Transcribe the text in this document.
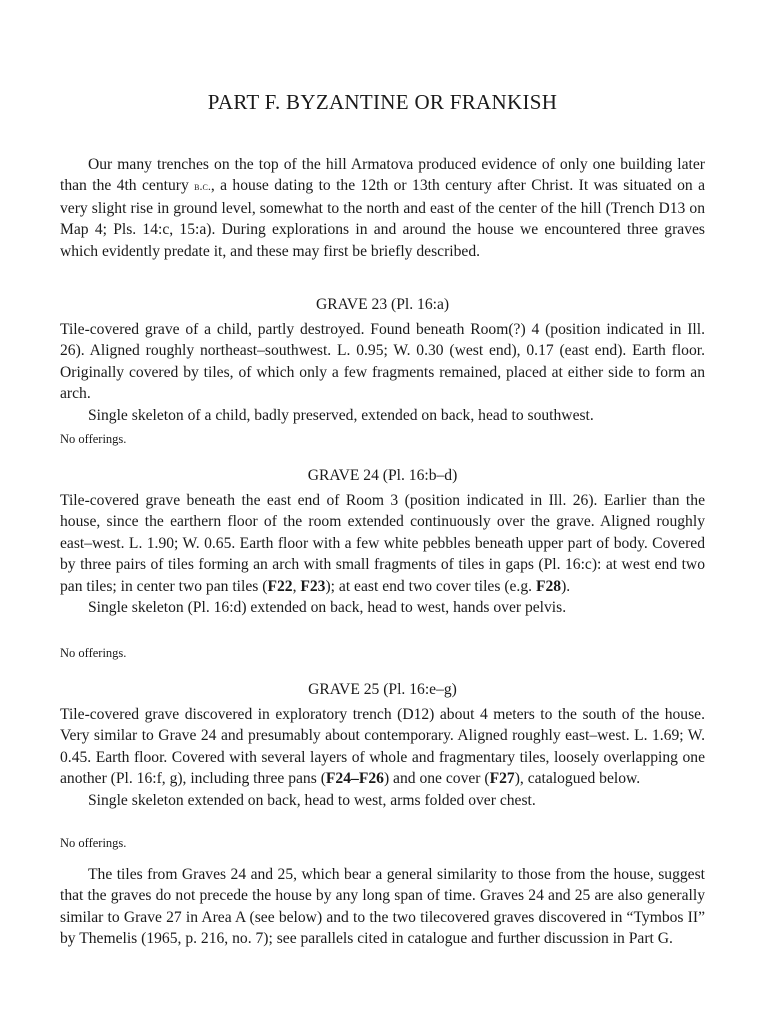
PART F. BYZANTINE OR FRANKISH

Our many trenches on the top of the hill Armatova produced evidence of only one building later than the 4th century b.c., a house dating to the 12th or 13th century after Christ. It was situated on a very slight rise in ground level, somewhat to the north and east of the center of the hill (Trench D13 on Map 4; Pls. 14:c, 15:a). During explorations in and around the house we encountered three graves which evidently predate it, and these may first be briefly described.

GRAVE 23 (Pl. 16:a)

Tile-covered grave of a child, partly destroyed. Found beneath Room(?) 4 (position indicated in Ill. 26). Aligned roughly northeast–southwest. L. 0.95; W. 0.30 (west end), 0.17 (east end). Earth floor. Originally covered by tiles, of which only a few fragments remained, placed at either side to form an arch.

Single skeleton of a child, badly preserved, extended on back, head to southwest.

No offerings.

GRAVE 24 (Pl. 16:b–d)

Tile-covered grave beneath the east end of Room 3 (position indicated in Ill. 26). Earlier than the house, since the earthern floor of the room extended continuously over the grave. Aligned roughly east–west. L. 1.90; W. 0.65. Earth floor with a few white pebbles beneath upper part of body. Covered by three pairs of tiles forming an arch with small fragments of tiles in gaps (Pl. 16:c): at west end two pan tiles; in center two pan tiles (F22, F23); at east end two cover tiles (e.g. F28).

Single skeleton (Pl. 16:d) extended on back, head to west, hands over pelvis.

No offerings.

GRAVE 25 (Pl. 16:e–g)

Tile-covered grave discovered in exploratory trench (D12) about 4 meters to the south of the house. Very similar to Grave 24 and presumably about contemporary. Aligned roughly east–west. L. 1.69; W. 0.45. Earth floor. Covered with several layers of whole and fragmentary tiles, loosely overlapping one another (Pl. 16:f, g), including three pans (F24–F26) and one cover (F27), catalogued below.

Single skeleton extended on back, head to west, arms folded over chest.

No offerings.

The tiles from Graves 24 and 25, which bear a general similarity to those from the house, suggest that the graves do not precede the house by any long span of time. Graves 24 and 25 are also generally similar to Grave 27 in Area A (see below) and to the two tilecovered graves discovered in “Tymbos II” by Themelis (1965, p. 216, no. 7); see parallels cited in catalogue and further discussion in Part G.
